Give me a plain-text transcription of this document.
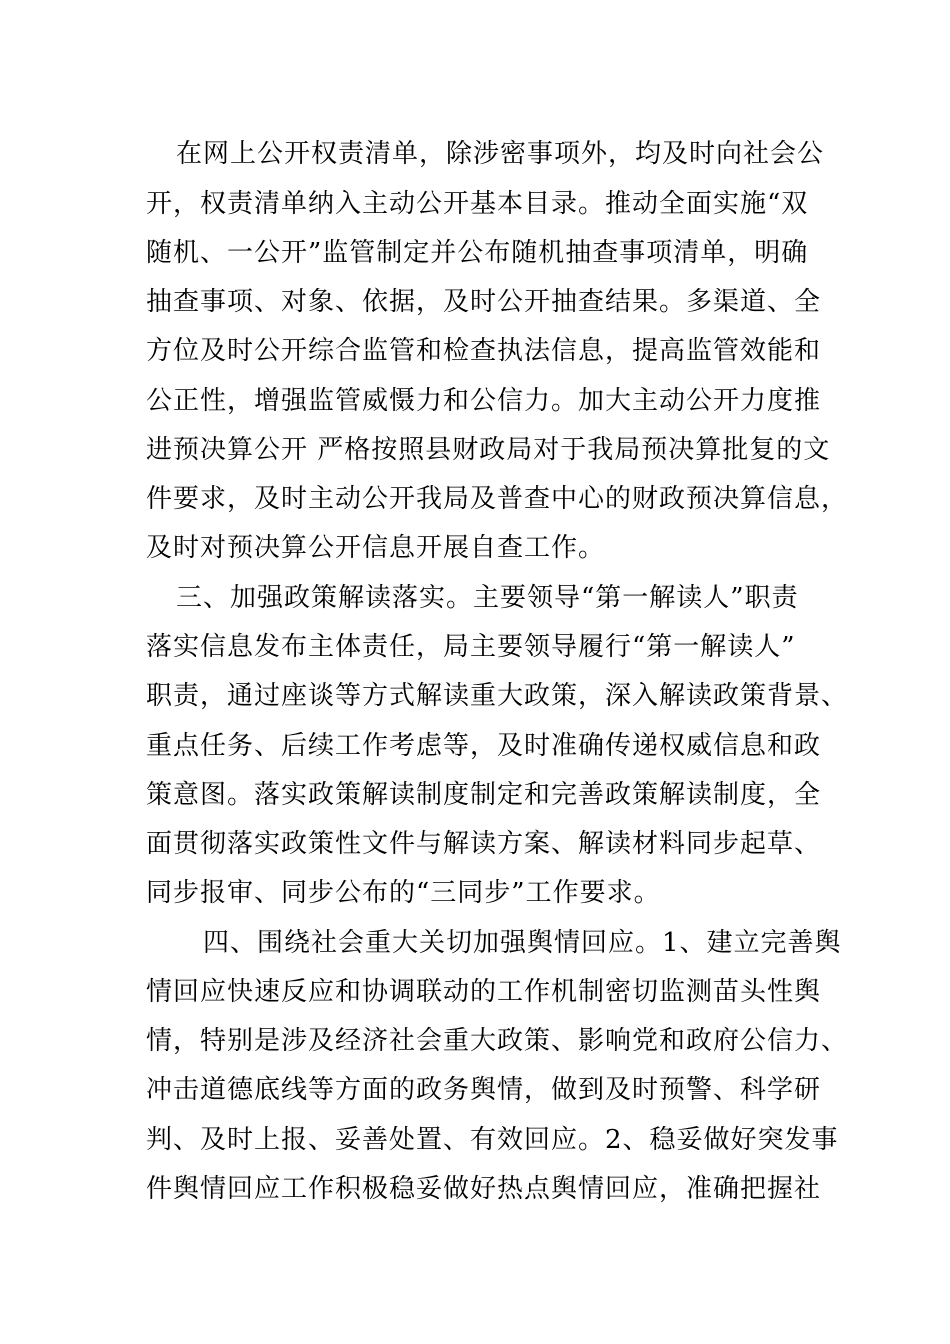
在网上公开权责清单，除涉密事项外，均及时向社会公
开，权责清单纳入主动公开基本目录。推动全面实施“双
随机、一公开”监管制定并公布随机抽查事项清单，明确
抽查事项、对象、依据，及时公开抽查结果。多渠道、全
方位及时公开综合监管和检查执法信息，提高监管效能和
公正性，增强监管威慑力和公信力。加大主动公开力度推
进预决算公开 严格按照县财政局对于我局预决算批复的文
件要求，及时主动公开我局及普查中心的财政预决算信息，
及时对预决算公开信息开展自查工作。
三、加强政策解读落实。主要领导“第一解读人”职责
落实信息发布主体责任，局主要领导履行“第一解读人”
职责，通过座谈等方式解读重大政策，深入解读政策背景、
重点任务、后续工作考虑等，及时准确传递权威信息和政
策意图。落实政策解读制度制定和完善政策解读制度，全
面贯彻落实政策性文件与解读方案、解读材料同步起草、
同步报审、同步公布的“三同步”工作要求。
四、围绕社会重大关切加强舆情回应。1、建立完善舆
情回应快速反应和协调联动的工作机制密切监测苗头性舆
情，特别是涉及经济社会重大政策、影响党和政府公信力、
冲击道德底线等方面的政务舆情，做到及时预警、科学研
判、及时上报、妥善处置、有效回应。2、稳妥做好突发事
件舆情回应工作积极稳妥做好热点舆情回应，准确把握社
